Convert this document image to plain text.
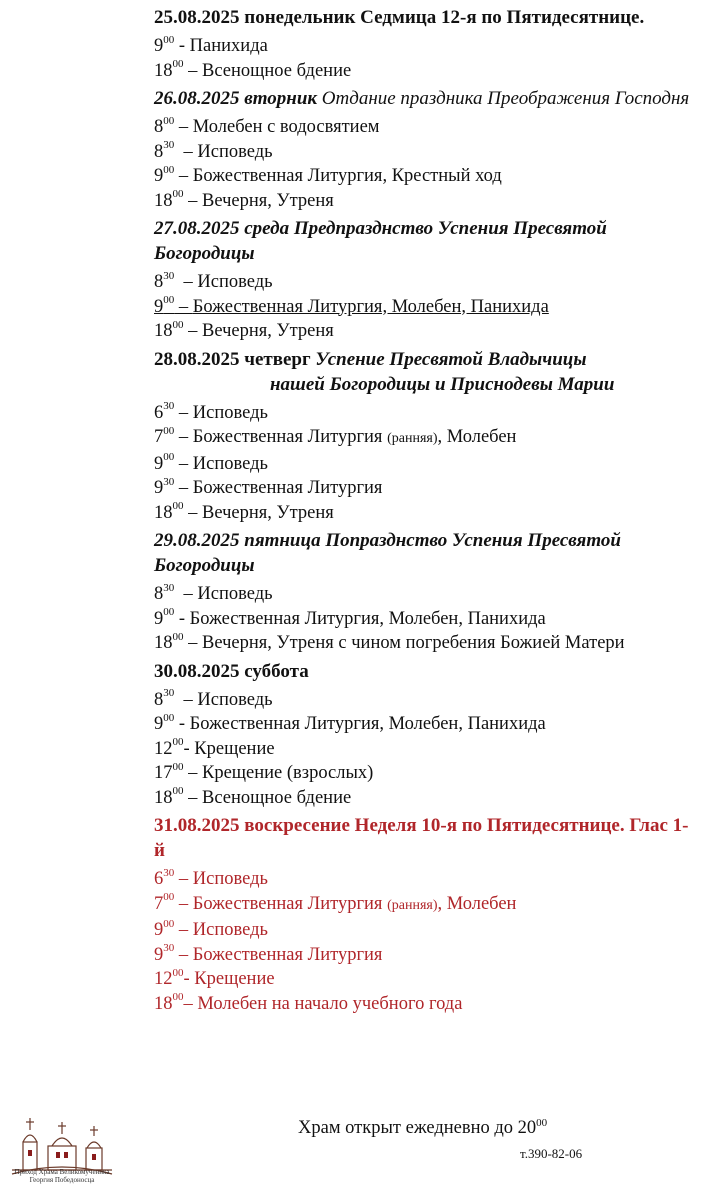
25.08.2025 понедельник Седмица 12-я по Пятидесятнице.
$9^{00}$ - Панихида
$18^{00}$ – Всенощное бдение
26.08.2025 вторник Отдание праздника Преображения Господня
$8^{00}$ – Молебен с водосвятием
$8^{30}$  – Исповедь
$9^{00}$ – Божественная Литургия, Крестный ход
$18^{00}$ – Вечерня, Утреня
27.08.2025 среда Предпразднство Успения Пресвятой Богородицы
$8^{30}$  – Исповедь
$9^{00}$ – Божественная Литургия, Молебен, Панихида
$18^{00}$ – Вечерня, Утреня
28.08.2025 четверг Успение Пресвятой Владычицы
нашей Богородицы и Приснодевы Марии
$6^{30}$ – Исповедь
$7^{00}$ – Божественная Литургия (ранняя), Молебен
$9^{00}$ – Исповедь
$9^{30}$ – Божественная Литургия
$18^{00}$ – Вечерня, Утреня
29.08.2025 пятница Попразднство Успения Пресвятой Богородицы
$8^{30}$  – Исповедь
$9^{00}$ - Божественная Литургия, Молебен, Панихида
$18^{00}$ – Вечерня, Утреня с чином погребения Божией Матери
30.08.2025 суббота
$8^{30}$  – Исповедь
$9^{00}$ - Божественная Литургия, Молебен, Панихида
$12^{00}-$ Крещение
$17^{00}$ – Крещение (взрослых)
$18^{00}$ – Всенощное бдение
31.08.2025 воскресение Неделя 10-я по Пятидесятнице. Глас 1-й
$6^{30}$ – Исповедь
$7^{00}$ – Божественная Литургия (ранняя), Молебен
$9^{00}$ – Исповедь
$9^{30}$ – Божественная Литургия
$12^{00}-$ Крещение
$18^{00}-$ Молебен на начало учебного года
Храм открыт ежедневно до $20^{00}$
т.390-82-06
Приход Храма Великомученика Георгия Победоносца
